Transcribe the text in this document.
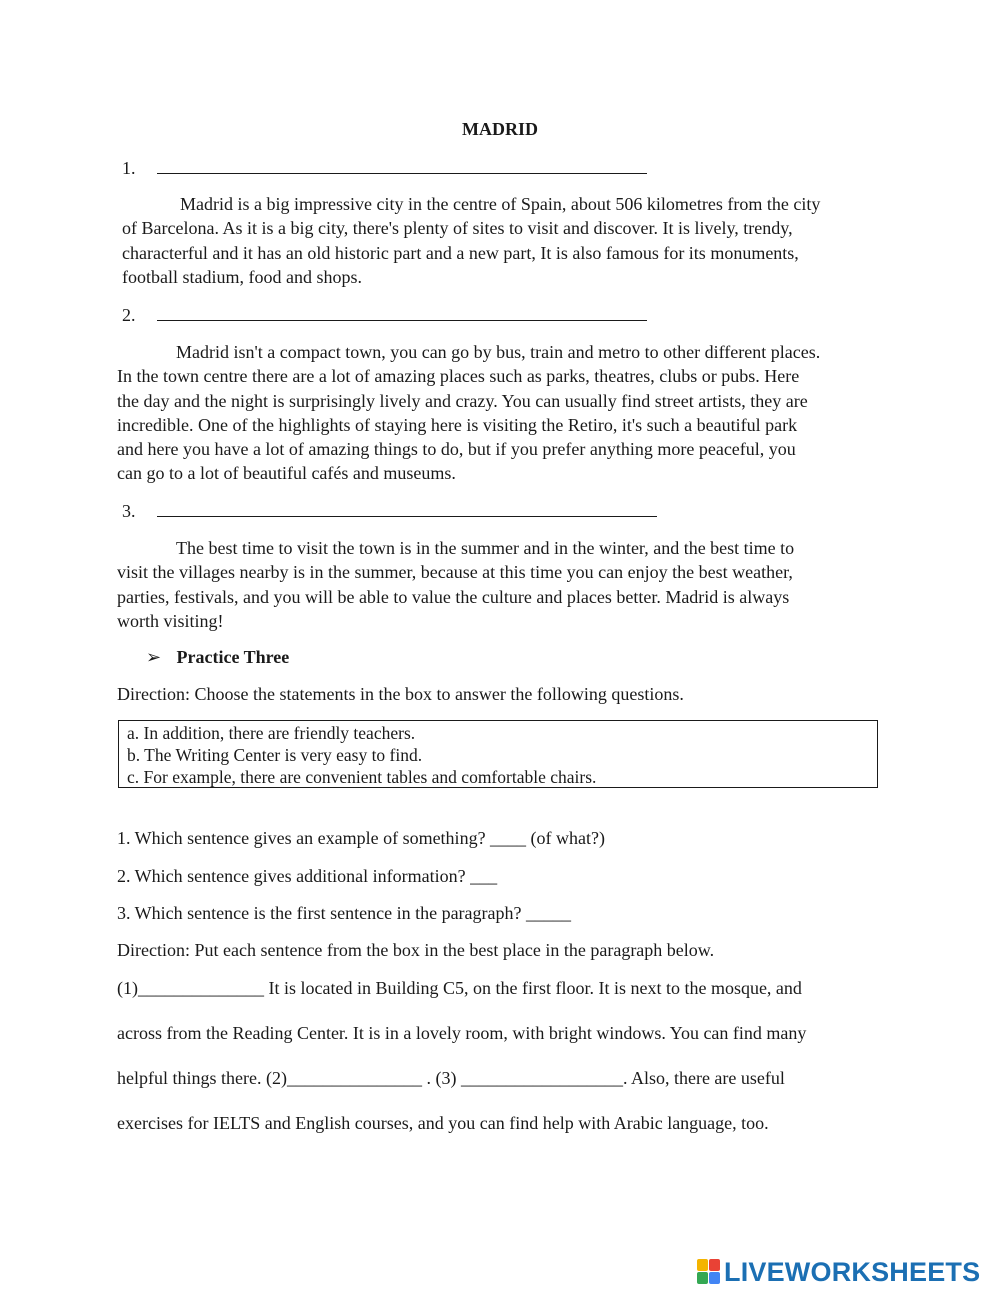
MADRID
1.
Madrid is a big impressive city in the centre of Spain, about 506 kilometres from the city
of Barcelona. As it is a big city, there's plenty of sites to visit and discover. It is lively, trendy,
characterful and it has an old historic part and a new part, It is also famous for its monuments,
football stadium, food and shops.
2.
Madrid isn't a compact town, you can go by bus, train and metro to other different places.
In the town centre there are a lot of amazing places such as parks, theatres, clubs or pubs. Here
the day and the night is surprisingly lively and crazy. You can usually find street artists, they are
incredible. One of the highlights of staying here is visiting the Retiro, it's such a beautiful park
and here you have a lot of amazing things to do, but if you prefer anything more peaceful, you
can go to a lot of beautiful cafés and museums.
3.
The best time to visit the town is in the summer and in the winter, and the best time to
visit the villages nearby is in the summer, because at this time you can enjoy the best weather,
parties, festivals, and you will be able to value the culture and places better. Madrid is always
worth visiting!
➢ Practice Three
Direction: Choose the statements in the box to answer the following questions.
a. In addition, there are friendly teachers.
b. The Writing Center is very easy to find.
c. For example, there are convenient tables and comfortable chairs.
1. Which sentence gives an example of something? ____ (of what?)
2. Which sentence gives additional information? ___
3. Which sentence is the first sentence in the paragraph? _____
Direction: Put each sentence from the box in the best place in the paragraph below.
(1)______________ It is located in Building C5, on the first floor. It is next to the mosque, and
across from the Reading Center. It is in a lovely room, with bright windows. You can find many
helpful things there. (2)_______________ . (3) __________________. Also, there are useful
exercises for IELTS and English courses, and you can find help with Arabic language, too.
LIVEWORKSHEETS
